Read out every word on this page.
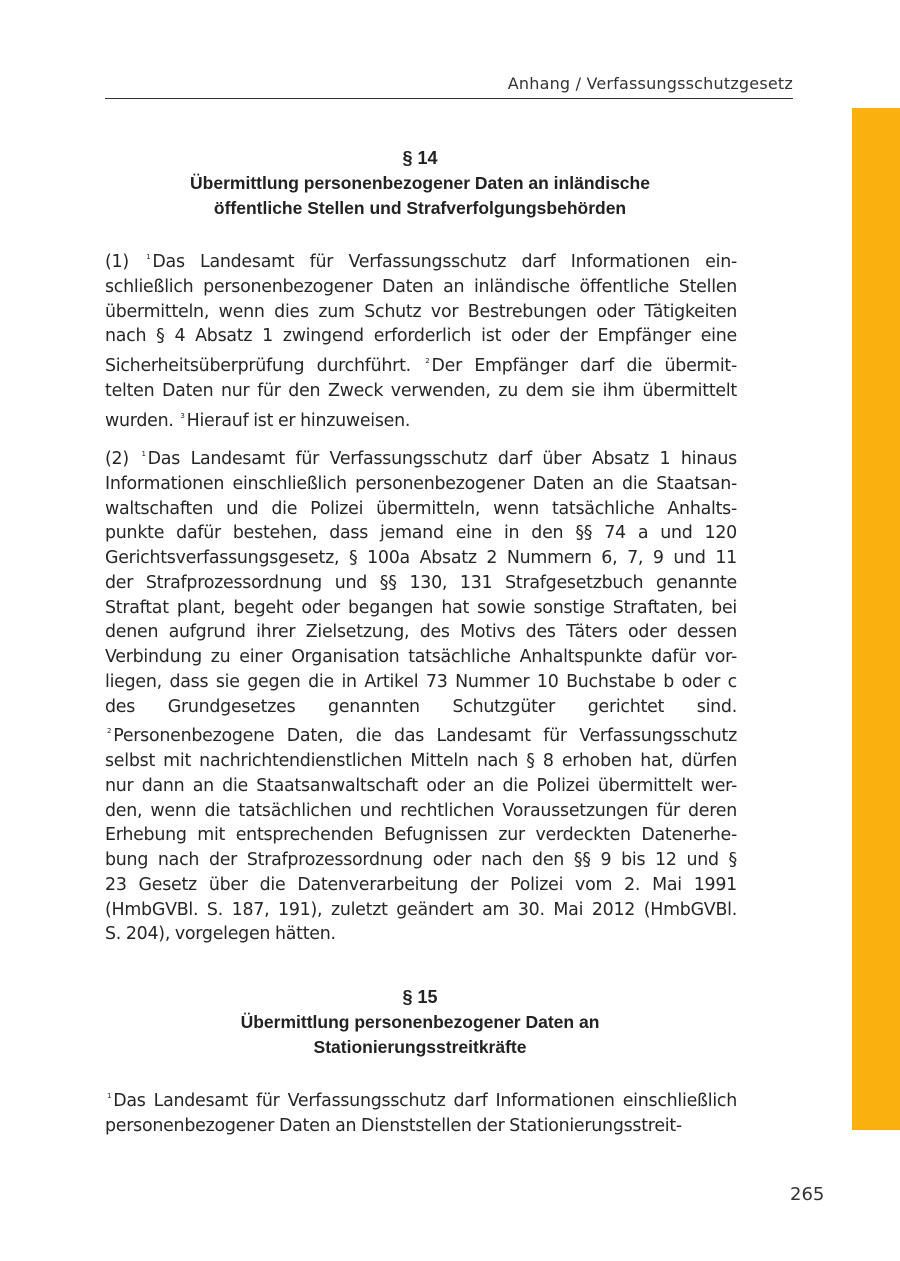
Anhang / Verfassungsschutzgesetz
§ 14
Übermittlung personenbezogener Daten an inländische
öffentliche Stellen und Strafverfolgungsbehörden
(1) $^1$ Das Landesamt für Verfassungsschutz darf Informationen ein-
schließlich personenbezogener Daten an inländische öffentliche Stellen
übermitteln, wenn dies zum Schutz vor Bestrebungen oder Tätigkeiten
nach § 4 Absatz 1 zwingend erforderlich ist oder der Empfänger eine
Sicherheitsüberprüfung durchführt. $^2$ Der Empfänger darf die übermit-
telten Daten nur für den Zweck verwenden, zu dem sie ihm übermittelt
wurden. $^3$ Hierauf ist er hinzuweisen.
(2) $^1$ Das Landesamt für Verfassungsschutz darf über Absatz 1 hinaus
Informationen einschließlich personenbezogener Daten an die Staatsan-
waltschaften und die Polizei übermitteln, wenn tatsächliche Anhalts-
punkte dafür bestehen, dass jemand eine in den §§ 74 a und 120
Gerichtsverfassungsgesetz, § 100a Absatz 2 Nummern 6, 7, 9 und 11
der Strafprozessordnung und §§ 130, 131 Strafgesetzbuch genannte
Straftat plant, begeht oder begangen hat sowie sonstige Straftaten, bei
denen aufgrund ihrer Zielsetzung, des Motivs des Täters oder dessen
Verbindung zu einer Organisation tatsächliche Anhaltspunkte dafür vor-
liegen, dass sie gegen die in Artikel 73 Nummer 10 Buchstabe b oder c
des Grundgesetzes genannten Schutzgüter gerichtet sind.
$^2$ Personenbezogene Daten, die das Landesamt für Verfassungsschutz
selbst mit nachrichtendienstlichen Mitteln nach § 8 erhoben hat, dürfen
nur dann an die Staatsanwaltschaft oder an die Polizei übermittelt wer-
den, wenn die tatsächlichen und rechtlichen Voraussetzungen für deren
Erhebung mit entsprechenden Befugnissen zur verdeckten Datenerhe-
bung nach der Strafprozessordnung oder nach den §§ 9 bis 12 und §
23 Gesetz über die Datenverarbeitung der Polizei vom 2. Mai 1991
(HmbGVBl. S. 187, 191), zuletzt geändert am 30. Mai 2012 (HmbGVBl.
S. 204), vorgelegen hätten.
§ 15
Übermittlung personenbezogener Daten an
Stationierungsstreitkräfte
$^1$ Das Landesamt für Verfassungsschutz darf Informationen einschließlich
personenbezogener Daten an Dienststellen der Stationierungsstreit-
265
